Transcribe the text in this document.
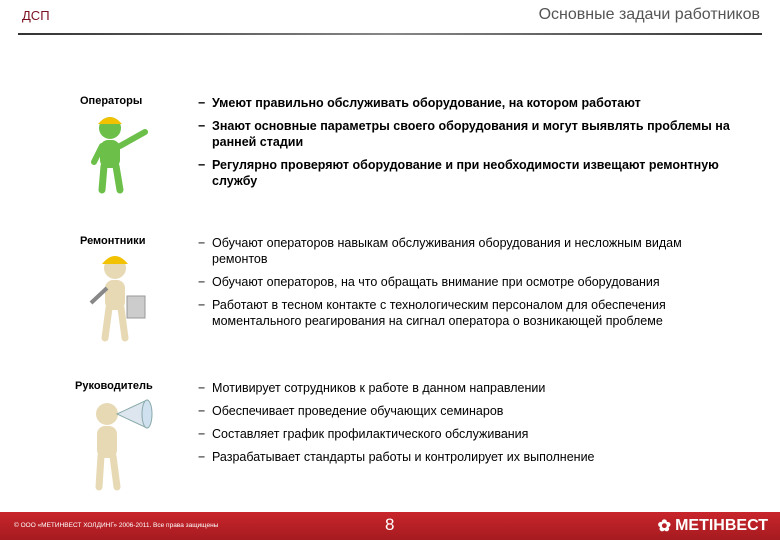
ДСП	Основные задачи работников
Операторы	− Умеют правильно обслуживать оборудование, на котором работают
− Знают основные параметры своего оборудования и могут выявлять проблемы на ранней стадии
− Регулярно проверяют оборудование и при необходимости извещают ремонтную службу
Ремонтники	− Обучают операторов навыкам обслуживания оборудования и несложным видам ремонтов
− Обучают операторов, на что обращать внимание при осмотре оборудования
− Работают в тесном контакте с технологическим персоналом для обеспечения моментального реагирования на сигнал оператора о возникающей проблеме
Руководитель	− Мотивирует сотрудников к работе в данном направлении
− Обеспечивает проведение обучающих семинаров
− Составляет график профилактического обслуживания
− Разрабатывает стандарты работы и контролирует их выполнение
© ООО «МЕТИНВЕСТ ХОЛДИНГ» 2006-2011. Все права защищены	8	✿ МЕТІНВЕСТ
